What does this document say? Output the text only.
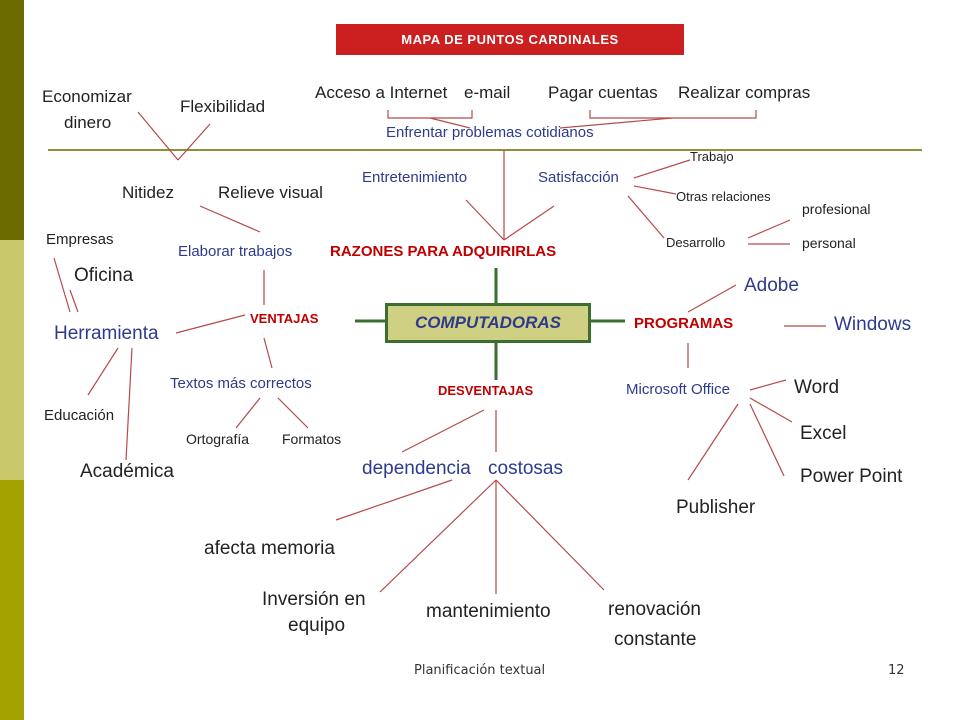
MAPA DE PUNTOS CARDINALES
Economizar
dinero
Flexibilidad
Acceso a Internet e-mail Pagar cuentas Realizar compras
Enfrentar problemas cotidianos
Entretenimiento	Satisfacción
RAZONES PARA ADQUIRIRLAS
Trabajo
Otras relaciones
Desarrollo
profesional
personal
Nitidez	Relieve visual
Elaborar trabajos
Empresas
Oficina
Herramienta
VENTAJAS
Textos más correctos
Educación
Ortografía Formatos
Académica
COMPUTADORAS
Adobe
PROGRAMAS	Windows
Microsoft Office	Word
Excel
Power Point
Publisher
DESVENTAJAS
dependencia costosas
afecta memoria
Inversión en
equipo
mantenimiento	renovación
constante
Planificación textual	12
